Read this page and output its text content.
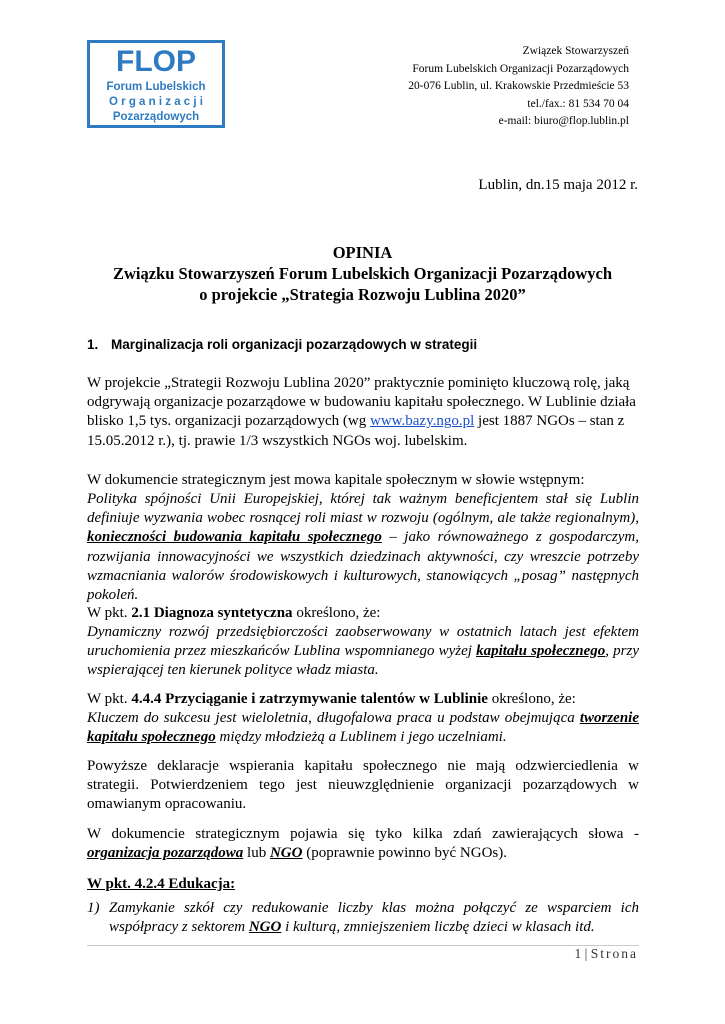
FLOP
Forum Lubelskich
O r g a n i z a c j i
Pozarządowych
Związek Stowarzyszeń
Forum Lubelskich Organizacji Pozarządowych
20-076 Lublin, ul. Krakowskie Przedmieście 53
tel./fax.: 81 534 70 04
e-mail: biuro@flop.lublin.pl
Lublin, dn.15 maja 2012 r.
OPINIA
Związku Stowarzyszeń Forum Lubelskich Organizacji Pozarządowych
o projekcie „Strategia Rozwoju Lublina 2020”
1. Marginalizacja roli organizacji pozarządowych w strategii
W projekcie „Strategii Rozwoju Lublina 2020” praktycznie pominięto kluczową rolę, jaką odgrywają organizacje pozarządowe w budowaniu kapitału społecznego. W Lublinie działa blisko 1,5 tys. organizacji pozarządowych (wg www.bazy.ngo.pl jest 1887 NGOs – stan z 15.05.2012 r.), tj. prawie 1/3 wszystkich NGOs woj. lubelskim.
W dokumencie strategicznym jest mowa kapitale społecznym w słowie wstępnym:
Polityka spójności Unii Europejskiej, której tak ważnym beneficjentem stał się Lublin definiuje wyzwania wobec rosnącej roli miast w rozwoju (ogólnym, ale także regionalnym), konieczności budowania kapitału społecznego – jako równoważnego z gospodarczym, rozwijania innowacyjności we wszystkich dziedzinach aktywności, czy wreszcie potrzeby wzmacniania walorów środowiskowych i kulturowych, stanowiących „posag” następnych pokoleń.
W pkt. 2.1 Diagnoza syntetyczna określono, że:
Dynamiczny rozwój przedsiębiorczości zaobserwowany w ostatnich latach jest efektem uruchomienia przez mieszkańców Lublina wspomnianego wyżej kapitału społecznego, przy wspierającej ten kierunek polityce władz miasta.
W pkt. 4.4.4 Przyciąganie i zatrzymywanie talentów w Lublinie określono, że:
Kluczem do sukcesu jest wieloletnia, długofalowa praca u podstaw obejmująca tworzenie kapitału społecznego między młodzieżą a Lublinem i jego uczelniami.
Powyższe deklaracje wspierania kapitału społecznego nie mają odzwierciedlenia w strategii. Potwierdzeniem tego jest nieuwzględnienie organizacji pozarządowych w omawianym opracowaniu.
W dokumencie strategicznym pojawia się tyko kilka zdań zawierających słowa - organizacja pozarządowa lub NGO (poprawnie powinno być NGOs).
W pkt. 4.2.4 Edukacja:
1) Zamykanie szkół czy redukowanie liczby klas można połączyć ze wsparciem ich współpracy z sektorem NGO i kulturą, zmniejszeniem liczbę dzieci w klasach itd.
1 | Strona
